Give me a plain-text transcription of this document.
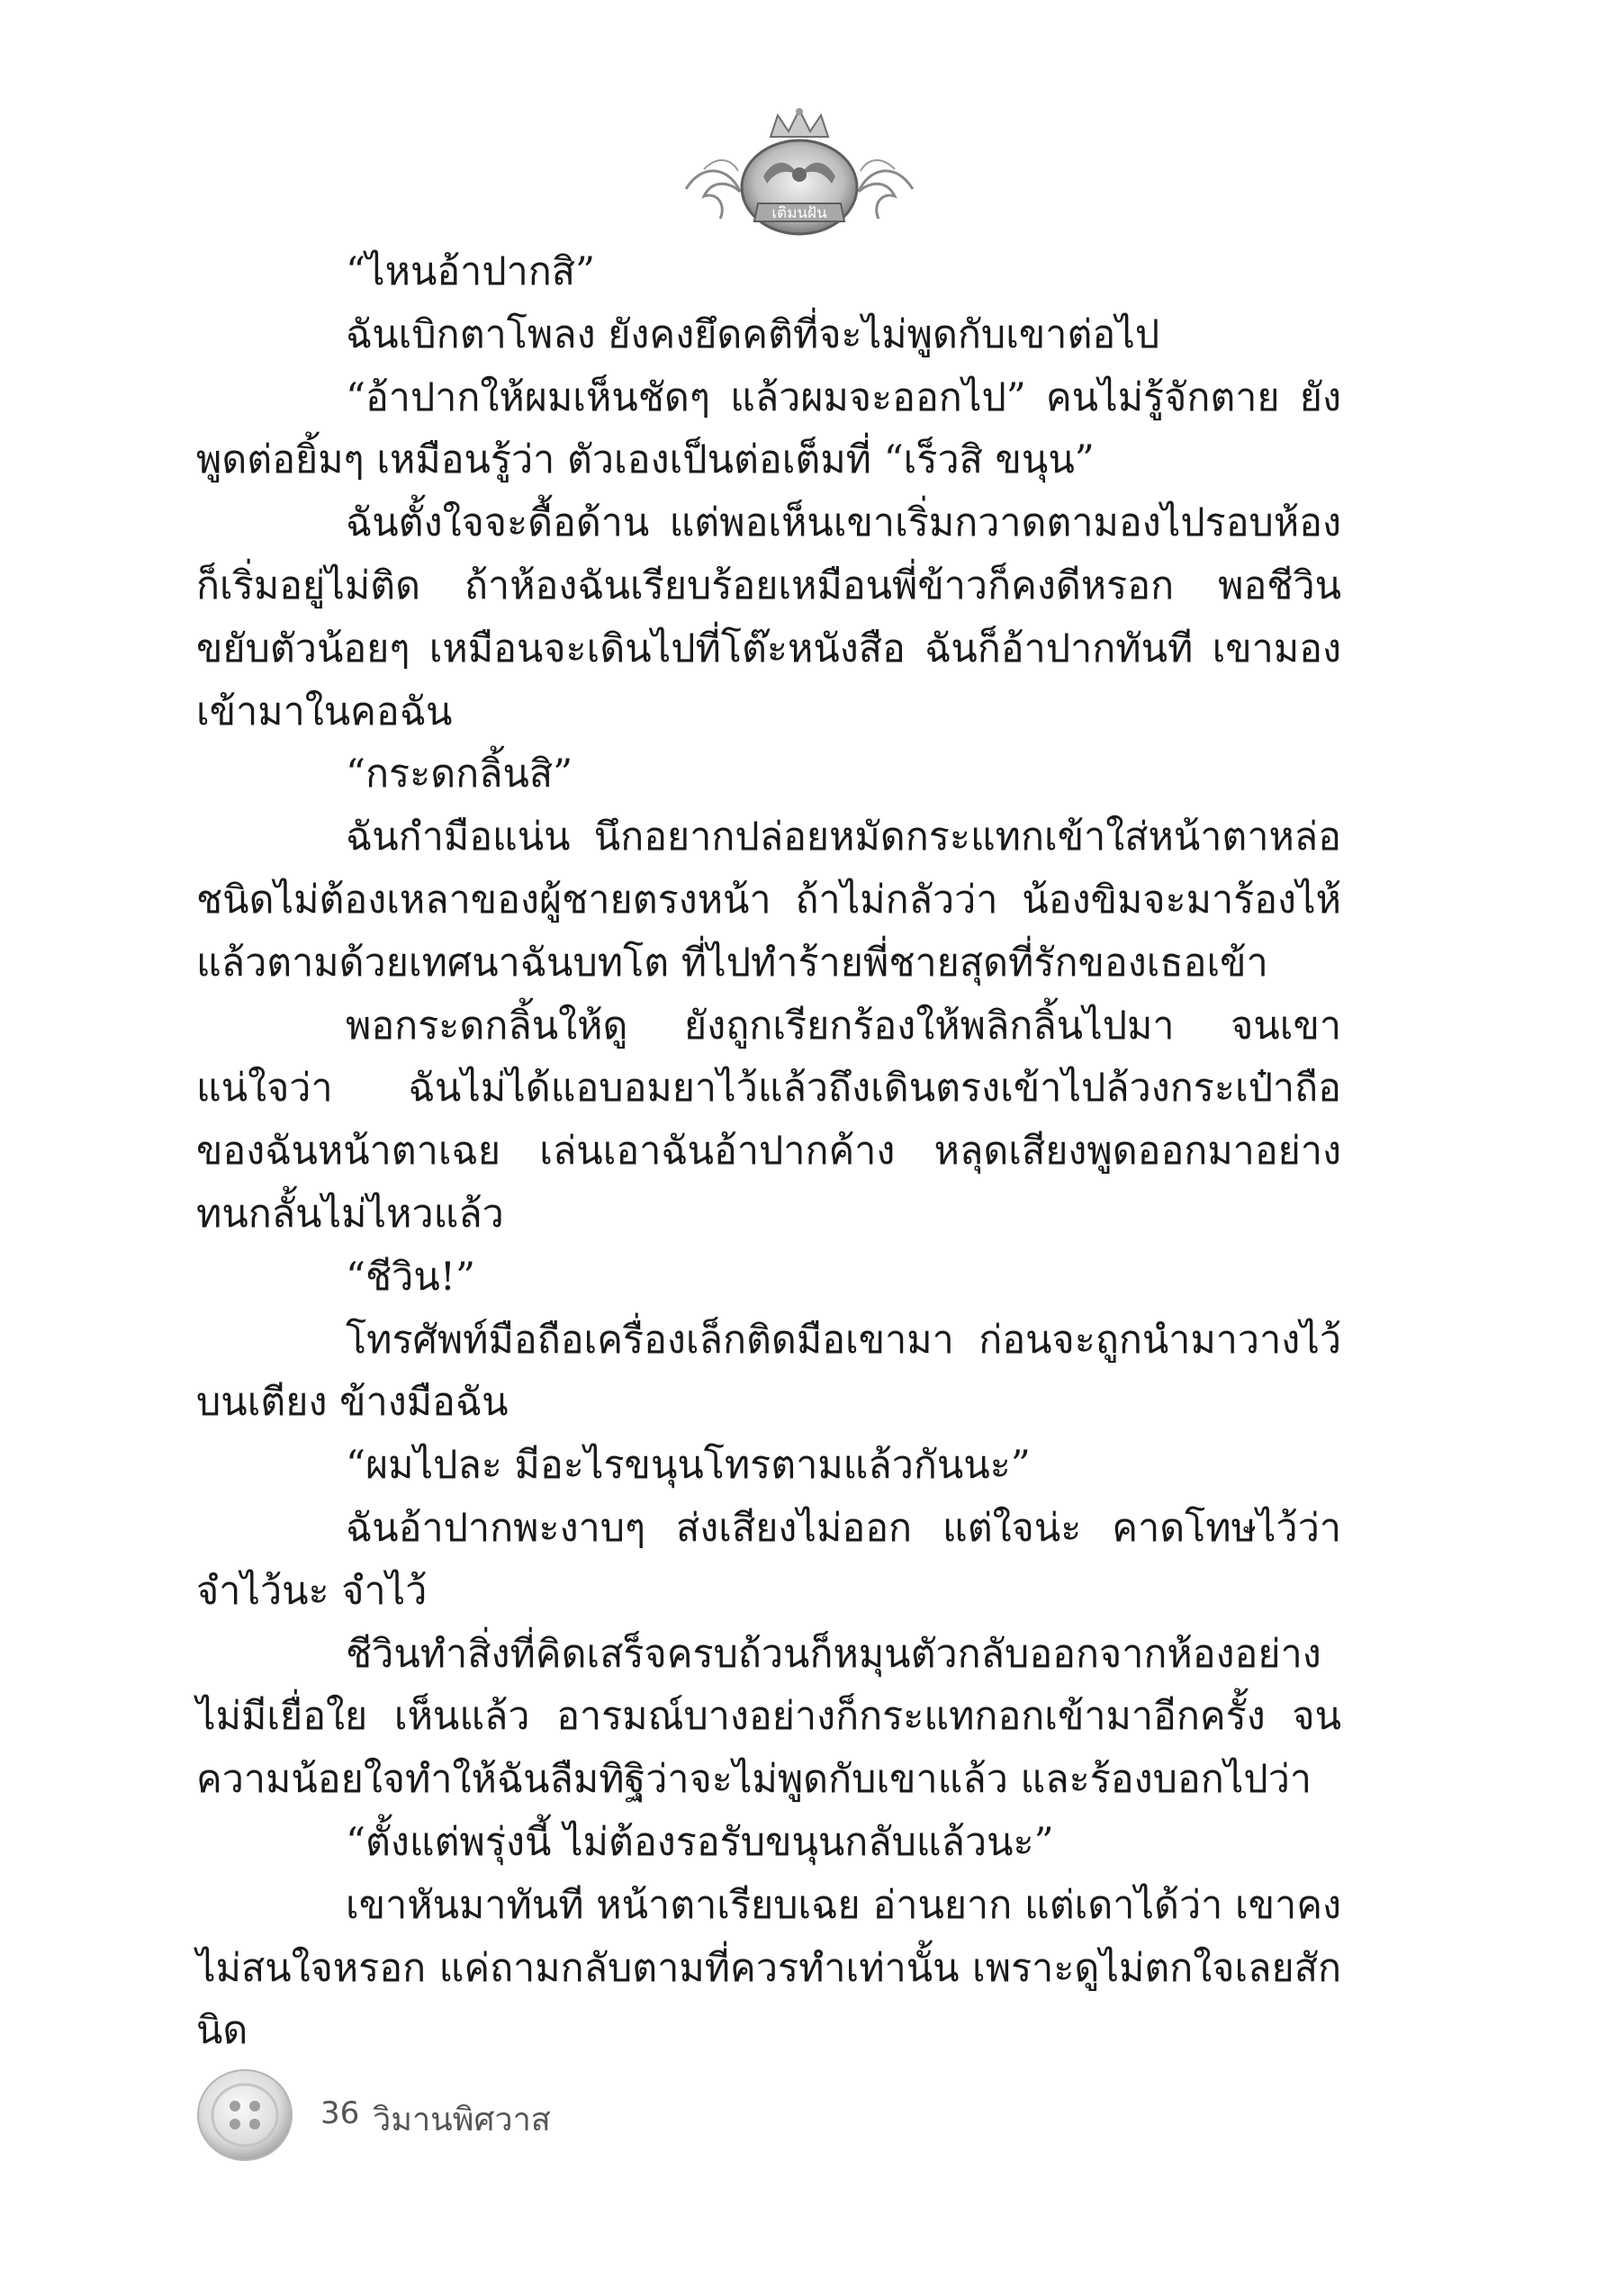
เติมนฝัน

“ไหนอ้าปากสิ”

ฉันเบิกตาโพลง ยังคงยึดคติที่จะไม่พูดกับเขาต่อไป

“อ้าปากให้ผมเห็นชัดๆ แล้วผมจะออกไป” คนไม่รู้จักตาย ยังพูดต่อยิ้มๆ เหมือนรู้ว่า ตัวเองเป็นต่อเต็มที่ “เร็วสิ ขนุน”

ฉันตั้งใจจะดื้อด้าน แต่พอเห็นเขาเริ่มกวาดตามองไปรอบห้อง ก็เริ่มอยู่ไม่ติด ถ้าห้องฉันเรียบร้อยเหมือนพี่ข้าวก็คงดีหรอก พอชีวิน ขยับตัวน้อยๆ เหมือนจะเดินไปที่โต๊ะหนังสือ ฉันก็อ้าปากทันที เขามอง เข้ามาในคอฉัน

“กระดกลิ้นสิ”

ฉันกำมือแน่น นึกอยากปล่อยหมัดกระแทกเข้าใส่หน้าตาหล่อ ชนิดไม่ต้องเหลาของผู้ชายตรงหน้า ถ้าไม่กลัวว่า น้องขิมจะมาร้องไห้ แล้วตามด้วยเทศนาฉันบทโต ที่ไปทำร้ายพี่ชายสุดที่รักของเธอเข้า

พอกระดกลิ้นให้ดู ยังถูกเรียกร้องให้พลิกลิ้นไปมา จนเขา แน่ใจว่า ฉันไม่ได้แอบอมยาไว้แล้วถึงเดินตรงเข้าไปล้วงกระเป๋าถือ ของฉันหน้าตาเฉย เล่นเอาฉันอ้าปากค้าง หลุดเสียงพูดออกมาอย่าง ทนกลั้นไม่ไหวแล้ว

“ชีวิน!”

โทรศัพท์มือถือเครื่องเล็กติดมือเขามา ก่อนจะถูกนำมาวางไว้ บนเตียง ข้างมือฉัน

“ผมไปละ มีอะไรขนุนโทรตามแล้วกันนะ”

ฉันอ้าปากพะงาบๆ ส่งเสียงไม่ออก แต่ใจน่ะ คาดโทษไว้ว่า จำไว้นะ จำไว้

ชีวินทำสิ่งที่คิดเสร็จครบถ้วนก็หมุนตัวกลับออกจากห้องอย่าง ไม่มีเยื่อใย เห็นแล้ว อารมณ์บางอย่างก็กระแทกอกเข้ามาอีกครั้ง จน ความน้อยใจทำให้ฉันลืมทิฐิว่าจะไม่พูดกับเขาแล้ว และร้องบอกไปว่า

“ตั้งแต่พรุ่งนี้ ไม่ต้องรอรับขนุนกลับแล้วนะ”

เขาหันมาทันที หน้าตาเรียบเฉย อ่านยาก แต่เดาได้ว่า เขาคง ไม่สนใจหรอก แค่ถามกลับตามที่ควรทำเท่านั้น เพราะดูไม่ตกใจเลยสักนิด

36 วิมานพิศวาส
